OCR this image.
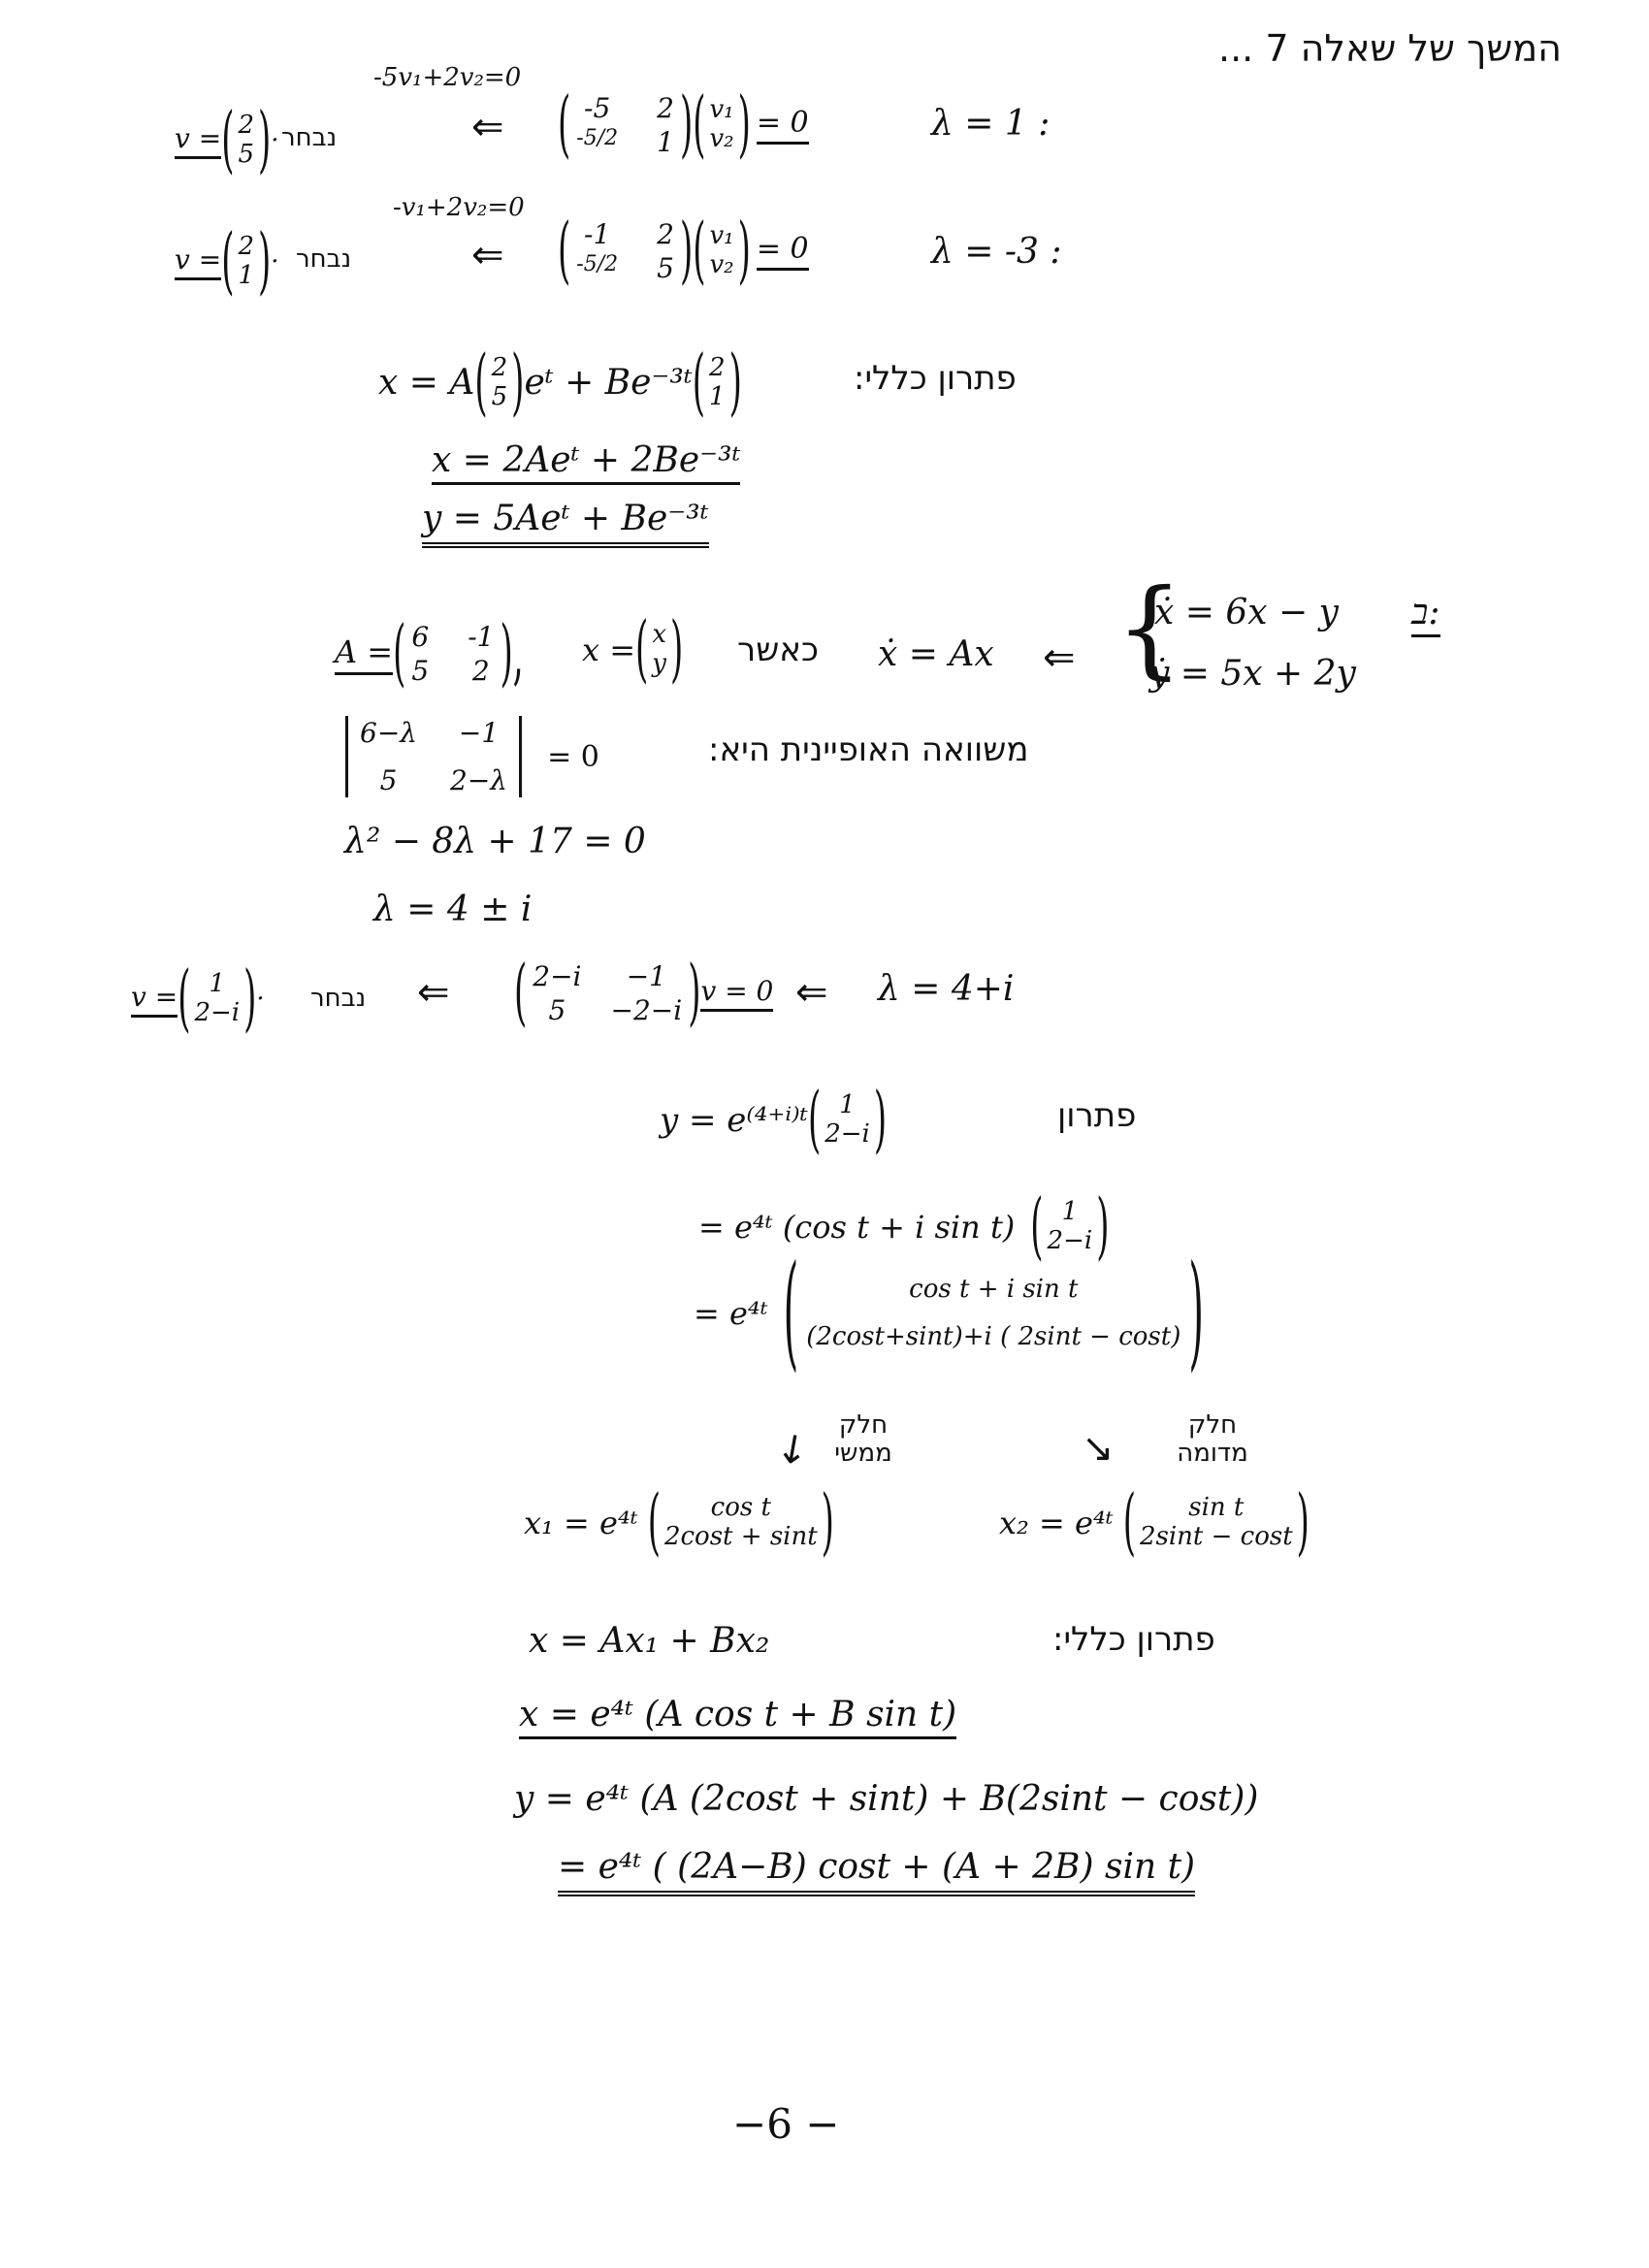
המשך של שאלה 7 ...
λ = 1 :
( -5 2
-5/2 1 ) ( v₁
v₂ ) = 0
⇐
-5v₁+2v₂=0
נבחר
v = ( 2
5 ) ·
λ = -3 :
( -1 2
-5/2 5 ) ( v₁
v₂ ) = 0
⇐
-v₁+2v₂=0
נבחר
v = ( 2
1 ) ·
פתרון כללי:
x = A ( 2
5 ) eᵗ + Be⁻³ᵗ ( 2
1 )
x = 2Aeᵗ + 2Be⁻³ᵗ
y = 5Aeᵗ + Be⁻³ᵗ
ב:
{
ẋ = 6x − y
ẏ = 5x + 2y
⇐
ẋ = Ax
כאשר
x = ( x
y )
A = ( 6 -1
5 2 ),
משוואה האופיינית היא:
6−λ	−1
5	2−λ
= 0
λ² − 8λ + 17 = 0
λ = 4 ± i
λ = 4+i
⇐
( 2−i	−1
5	−2−i ) v = 0
⇐
נבחר
v = ( 1
2−i ) ·
פתרון
y = e⁽⁴⁺ⁱ⁾ᵗ ( 1
2−i )
= e⁴ᵗ (cos t + i sin t) ( 1
2−i )
= e⁴ᵗ (	cos t + i sin t
(2cost+sint)+i ( 2sint − cost) )
חלק ממשי
↙	חלק מדומה
↘
x₁ = e⁴ᵗ ( cos t
2cost + sint )	x₂ = e⁴ᵗ ( sin t
2sint − cost )
פתרון כללי:
x = Ax₁ + Bx₂
x = e⁴ᵗ (A cos t + B sin t)
y = e⁴ᵗ (A (2cost + sint) + B(2sint − cost))
= e⁴ᵗ ( (2A−B) cost + (A + 2B) sin t)
−6 −
